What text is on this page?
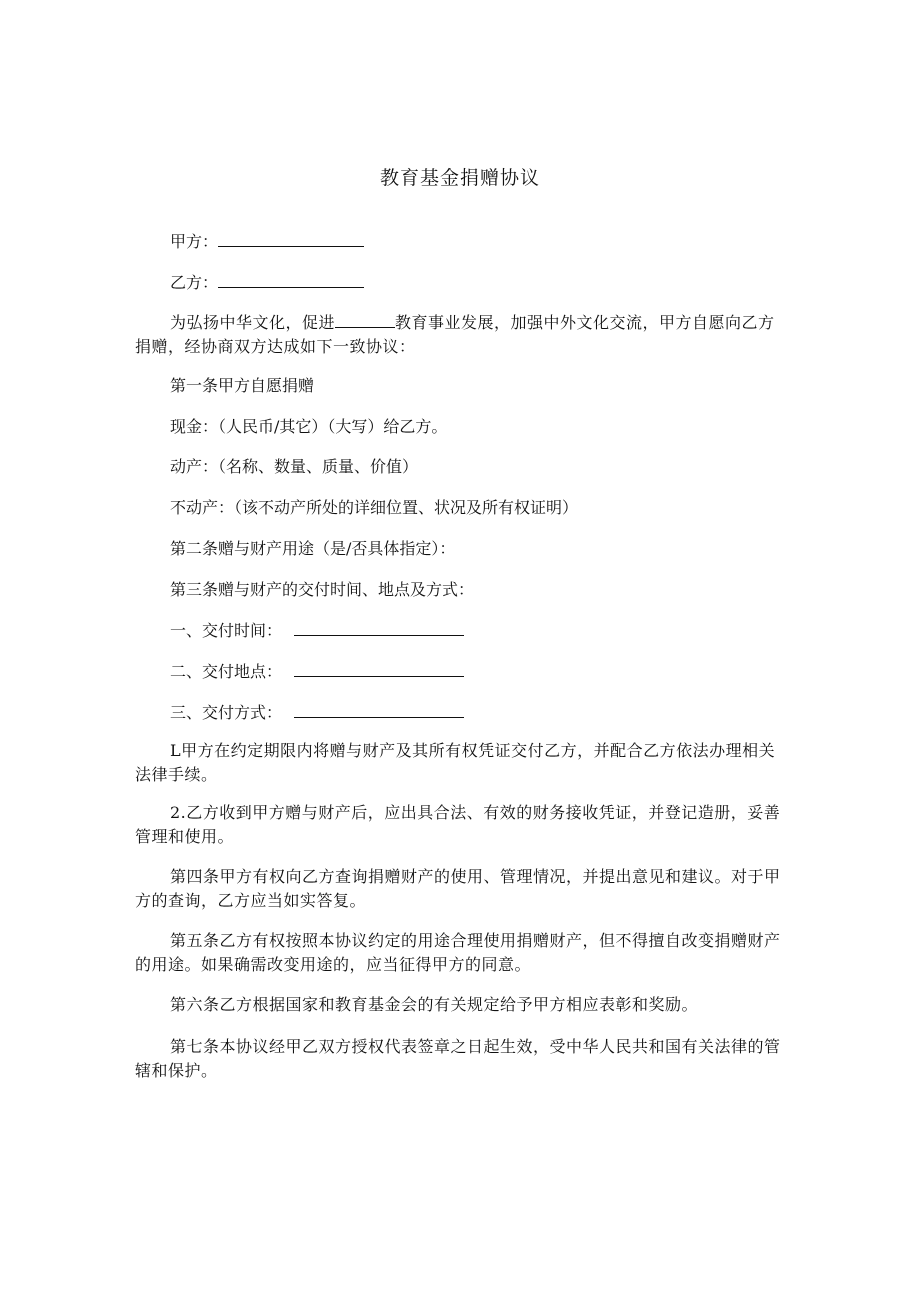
教育基金捐赠协议
甲方：
乙方：
为弘扬中华文化，促进	教育事业发展，加强中外文化交流，甲方自愿向乙方捐赠，经协商双方达成如下一致协议：
第一条甲方自愿捐赠
现金：（人民币/其它）（大写）给乙方。
动产：（名称、数量、质量、价值）
不动产：（该不动产所处的详细位置、状况及所有权证明）
第二条赠与财产用途（是/否具体指定）：
第三条赠与财产的交付时间、地点及方式：
一、交付时间：
二、交付地点：
三、交付方式：
L甲方在约定期限内将赠与财产及其所有权凭证交付乙方，并配合乙方依法办理相关法律手续。
2.乙方收到甲方赠与财产后，应出具合法、有效的财务接收凭证，并登记造册，妥善管理和使用。
第四条甲方有权向乙方查询捐赠财产的使用、管理情况，并提出意见和建议。对于甲方的查询，乙方应当如实答复。
第五条乙方有权按照本协议约定的用途合理使用捐赠财产，但不得擅自改变捐赠财产的用途。如果确需改变用途的，应当征得甲方的同意。
第六条乙方根据国家和教育基金会的有关规定给予甲方相应表彰和奖励。
第七条本协议经甲乙双方授权代表签章之日起生效，受中华人民共和国有关法律的管辖和保护。
